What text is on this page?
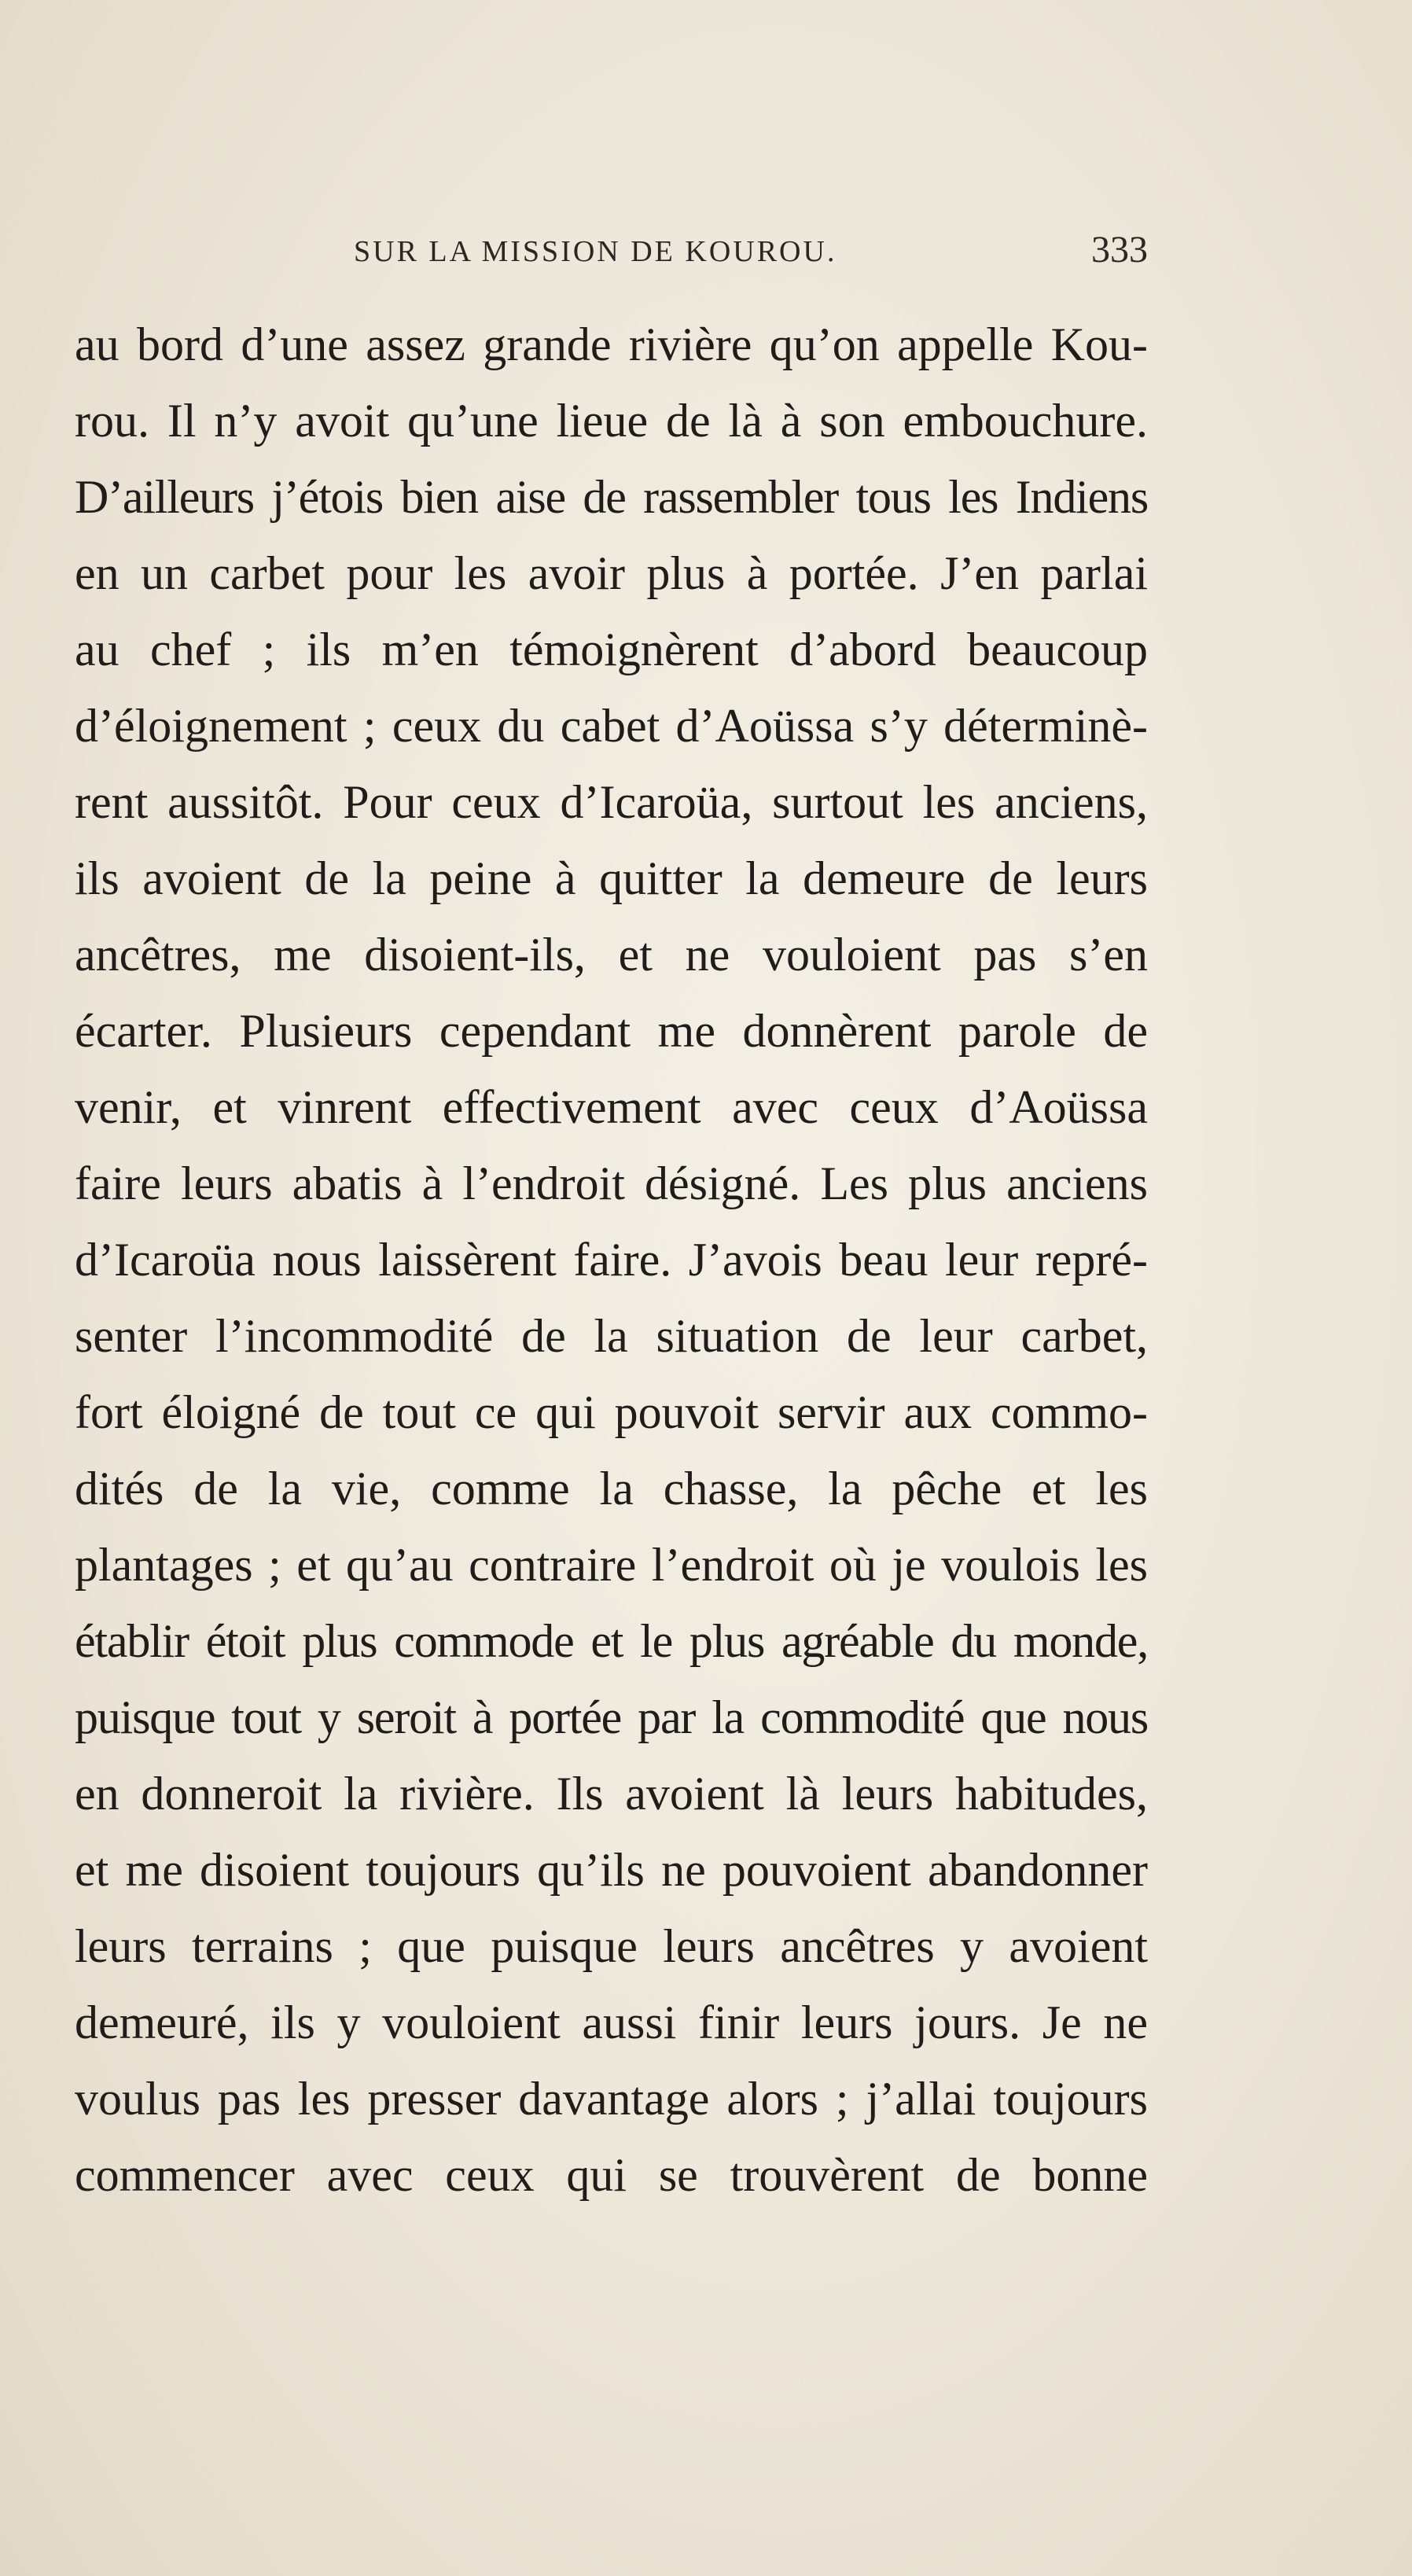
SUR LA MISSION DE KOUROU.	333
au bord d’une assez grande rivière qu’on appelle Kou-
rou. Il n’y avoit qu’une lieue de là à son embouchure.
D’ailleurs j’étois bien aise de rassembler tous les Indiens
en un carbet pour les avoir plus à portée. J’en parlai
au chef ; ils m’en témoignèrent d’abord beaucoup
d’éloignement ; ceux du cabet d’Aoüssa s’y déterminè-
rent aussitôt. Pour ceux d’Icaroüa, surtout les anciens,
ils avoient de la peine à quitter la demeure de leurs
ancêtres, me disoient-ils, et ne vouloient pas s’en
écarter. Plusieurs cependant me donnèrent parole de
venir, et vinrent effectivement avec ceux d’Aoüssa
faire leurs abatis à l’endroit désigné. Les plus anciens
d’Icaroüa nous laissèrent faire. J’avois beau leur repré-
senter l’incommodité de la situation de leur carbet,
fort éloigné de tout ce qui pouvoit servir aux commo-
dités de la vie, comme la chasse, la pêche et les
plantages ; et qu’au contraire l’endroit où je voulois les
établir étoit plus commode et le plus agréable du monde,
puisque tout y seroit à portée par la commodité que nous
en donneroit la rivière. Ils avoient là leurs habitudes,
et me disoient toujours qu’ils ne pouvoient abandonner
leurs terrains ; que puisque leurs ancêtres y avoient
demeuré, ils y vouloient aussi finir leurs jours. Je ne
voulus pas les presser davantage alors ; j’allai toujours
commencer avec ceux qui se trouvèrent de bonne
